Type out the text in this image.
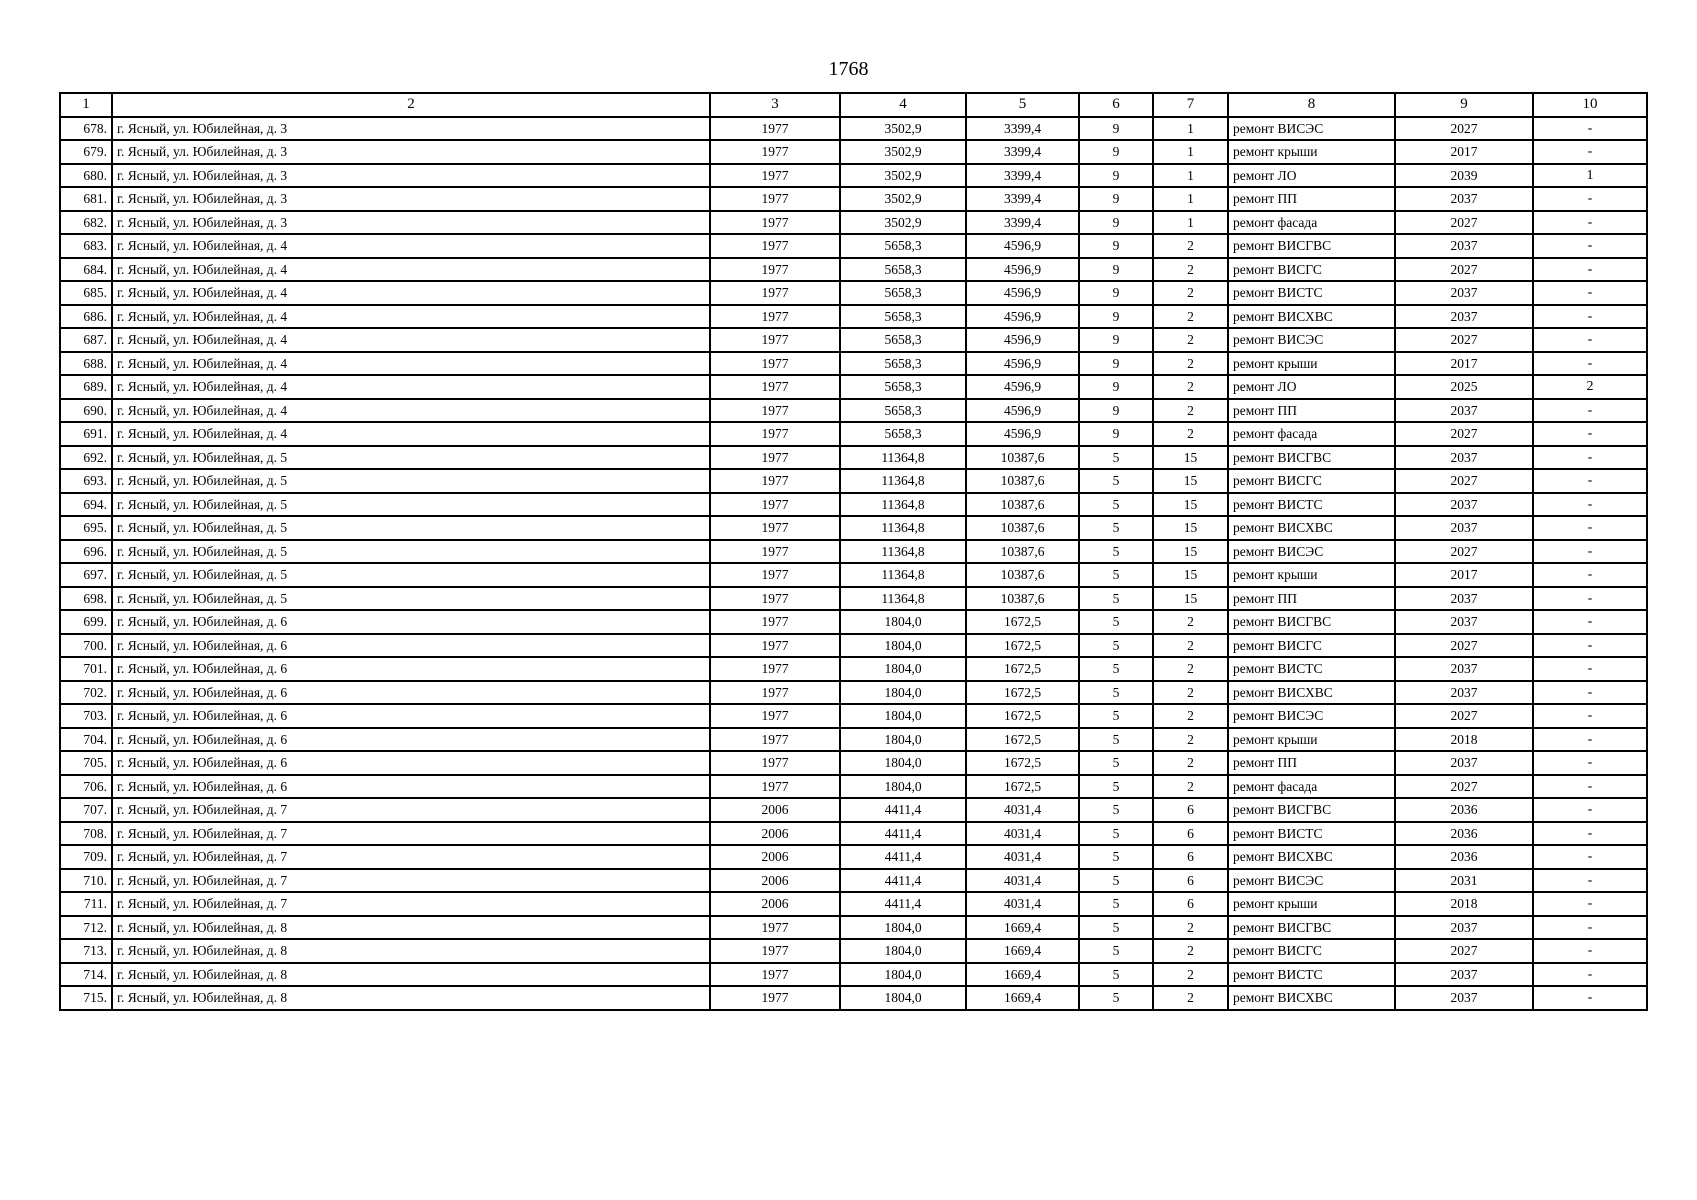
1768
1	2	3	4	5	6	7	8	9	10
678.	г. Ясный, ул. Юбилейная, д. 3	1977	3502,9	3399,4	9	1	ремонт ВИСЭС	2027	-
679.	г. Ясный, ул. Юбилейная, д. 3	1977	3502,9	3399,4	9	1	ремонт крыши	2017	-
680.	г. Ясный, ул. Юбилейная, д. 3	1977	3502,9	3399,4	9	1	ремонт ЛО	2039	1
681.	г. Ясный, ул. Юбилейная, д. 3	1977	3502,9	3399,4	9	1	ремонт ПП	2037	-
682.	г. Ясный, ул. Юбилейная, д. 3	1977	3502,9	3399,4	9	1	ремонт фасада	2027	-
683.	г. Ясный, ул. Юбилейная, д. 4	1977	5658,3	4596,9	9	2	ремонт ВИСГВС	2037	-
684.	г. Ясный, ул. Юбилейная, д. 4	1977	5658,3	4596,9	9	2	ремонт ВИСГС	2027	-
685.	г. Ясный, ул. Юбилейная, д. 4	1977	5658,3	4596,9	9	2	ремонт ВИСТС	2037	-
686.	г. Ясный, ул. Юбилейная, д. 4	1977	5658,3	4596,9	9	2	ремонт ВИСХВС	2037	-
687.	г. Ясный, ул. Юбилейная, д. 4	1977	5658,3	4596,9	9	2	ремонт ВИСЭС	2027	-
688.	г. Ясный, ул. Юбилейная, д. 4	1977	5658,3	4596,9	9	2	ремонт крыши	2017	-
689.	г. Ясный, ул. Юбилейная, д. 4	1977	5658,3	4596,9	9	2	ремонт ЛО	2025	2
690.	г. Ясный, ул. Юбилейная, д. 4	1977	5658,3	4596,9	9	2	ремонт ПП	2037	-
691.	г. Ясный, ул. Юбилейная, д. 4	1977	5658,3	4596,9	9	2	ремонт фасада	2027	-
692.	г. Ясный, ул. Юбилейная, д. 5	1977	11364,8	10387,6	5	15	ремонт ВИСГВС	2037	-
693.	г. Ясный, ул. Юбилейная, д. 5	1977	11364,8	10387,6	5	15	ремонт ВИСГС	2027	-
694.	г. Ясный, ул. Юбилейная, д. 5	1977	11364,8	10387,6	5	15	ремонт ВИСТС	2037	-
695.	г. Ясный, ул. Юбилейная, д. 5	1977	11364,8	10387,6	5	15	ремонт ВИСХВС	2037	-
696.	г. Ясный, ул. Юбилейная, д. 5	1977	11364,8	10387,6	5	15	ремонт ВИСЭС	2027	-
697.	г. Ясный, ул. Юбилейная, д. 5	1977	11364,8	10387,6	5	15	ремонт крыши	2017	-
698.	г. Ясный, ул. Юбилейная, д. 5	1977	11364,8	10387,6	5	15	ремонт ПП	2037	-
699.	г. Ясный, ул. Юбилейная, д. 6	1977	1804,0	1672,5	5	2	ремонт ВИСГВС	2037	-
700.	г. Ясный, ул. Юбилейная, д. 6	1977	1804,0	1672,5	5	2	ремонт ВИСГС	2027	-
701.	г. Ясный, ул. Юбилейная, д. 6	1977	1804,0	1672,5	5	2	ремонт ВИСТС	2037	-
702.	г. Ясный, ул. Юбилейная, д. 6	1977	1804,0	1672,5	5	2	ремонт ВИСХВС	2037	-
703.	г. Ясный, ул. Юбилейная, д. 6	1977	1804,0	1672,5	5	2	ремонт ВИСЭС	2027	-
704.	г. Ясный, ул. Юбилейная, д. 6	1977	1804,0	1672,5	5	2	ремонт крыши	2018	-
705.	г. Ясный, ул. Юбилейная, д. 6	1977	1804,0	1672,5	5	2	ремонт ПП	2037	-
706.	г. Ясный, ул. Юбилейная, д. 6	1977	1804,0	1672,5	5	2	ремонт фасада	2027	-
707.	г. Ясный, ул. Юбилейная, д. 7	2006	4411,4	4031,4	5	6	ремонт ВИСГВС	2036	-
708.	г. Ясный, ул. Юбилейная, д. 7	2006	4411,4	4031,4	5	6	ремонт ВИСТС	2036	-
709.	г. Ясный, ул. Юбилейная, д. 7	2006	4411,4	4031,4	5	6	ремонт ВИСХВС	2036	-
710.	г. Ясный, ул. Юбилейная, д. 7	2006	4411,4	4031,4	5	6	ремонт ВИСЭС	2031	-
711.	г. Ясный, ул. Юбилейная, д. 7	2006	4411,4	4031,4	5	6	ремонт крыши	2018	-
712.	г. Ясный, ул. Юбилейная, д. 8	1977	1804,0	1669,4	5	2	ремонт ВИСГВС	2037	-
713.	г. Ясный, ул. Юбилейная, д. 8	1977	1804,0	1669,4	5	2	ремонт ВИСГС	2027	-
714.	г. Ясный, ул. Юбилейная, д. 8	1977	1804,0	1669,4	5	2	ремонт ВИСТС	2037	-
715.	г. Ясный, ул. Юбилейная, д. 8	1977	1804,0	1669,4	5	2	ремонт ВИСХВС	2037	-
